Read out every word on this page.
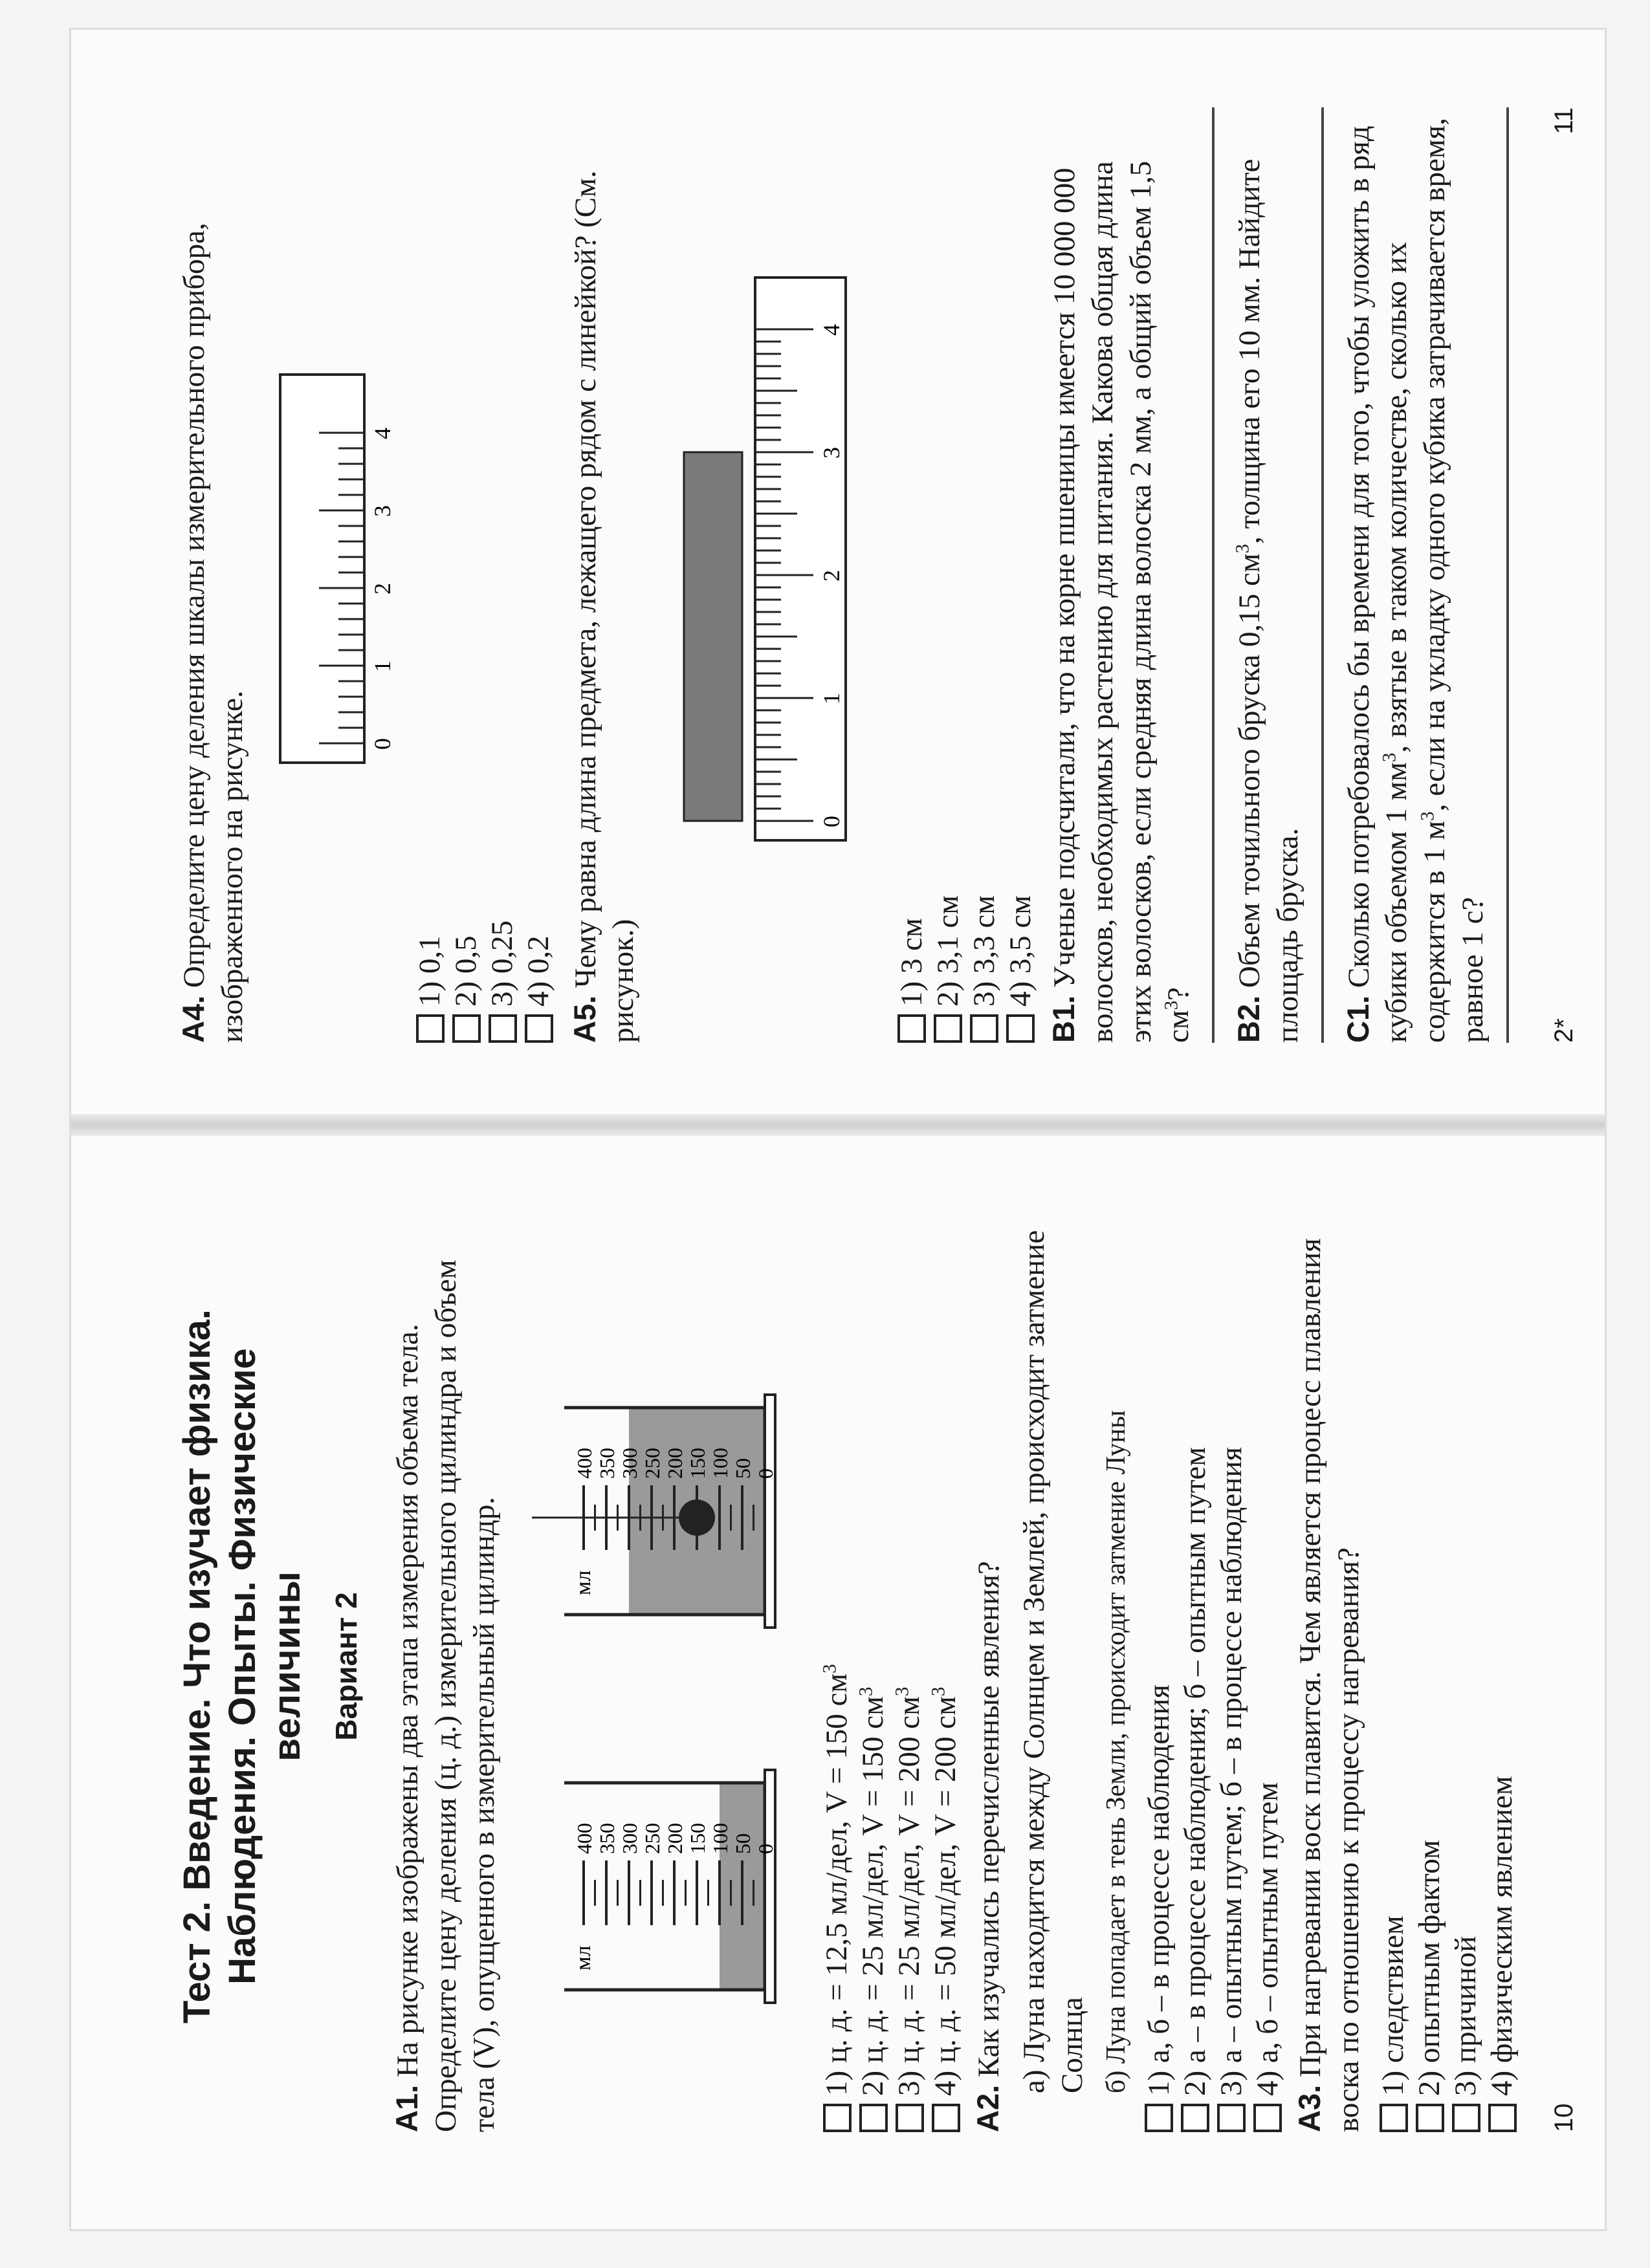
Тест 2. Введение. Что изучает физика. Наблюдения. Опыты. Физические величины Вариант 2

А1. На рисунке изображены два этапа измерения объема тела. Определите цену деления (ц. д.) измерительного цилиндра и объем тела (V), опущенного в измерительный цилиндр.	мл
400 350 300 250 200 150 100 50 0
мл
400 350 300 250 200 150 100 50 0
1) ц. д. = 12,5 мл/дел, V = 150 $см^3$
2) ц. д. = 25 мл/дел, V = 150 $см^3$
3) ц. д. = 25 мл/дел, V = 200 $см^3$
4) ц. д. = 50 мл/дел, V = 200 $см^3$

А2. Как изучались перечисленные явления? а) Луна находится между Солнцем и Землей, происходит затмение Солнца б) Луна попадает в тень Земли, происходит затмение Луны 1) а, б – в процессе наблюдения 2) а – в процессе наблюдения; б – опытным путем 3) а – опытным путем; б – в процессе наблюдения 4) а, б – опытным путем

А3. При нагревании воск плавится. Чем является процесс плавления воска по отношению к процессу нагревания? 1) следствием 2) опытным фактом 3) причиной 4) физическим явлением
10

А4. Определите цену деления шкалы измерительного прибора, изображенного на рисунке.	0
1
2
3
4
1) 0,1 2) 0,5 3) 0,25 4) 0,2

А5. Чему равна длина предмета, лежащего рядом с линейкой? (См. рисунок.)

0
1
2
3
4
1) 3 см 2) 3,1 см 3) 3,3 см 4) 3,5 см

В1. Ученые подсчитали, что на корне пшеницы имеется 10 000 000 волосков, необходимых растению для питания. Какова общая длина этих волосков, если средняя длина волоска 2 мм, а общий объем 1,5 $см^3$?

В2. Объем точильного бруска 0,15 $см^3$, толщина его 10 мм. Найдите площадь бруска. С1. Сколько потребовалось бы времени для того, чтобы уложить в ряд кубики объемом 1 $мм^3$, взятые в таком количестве, сколько их содержится в 1 $м^3$, если на укладку одного кубика затрачивается время, равное 1 с? 2*
11
